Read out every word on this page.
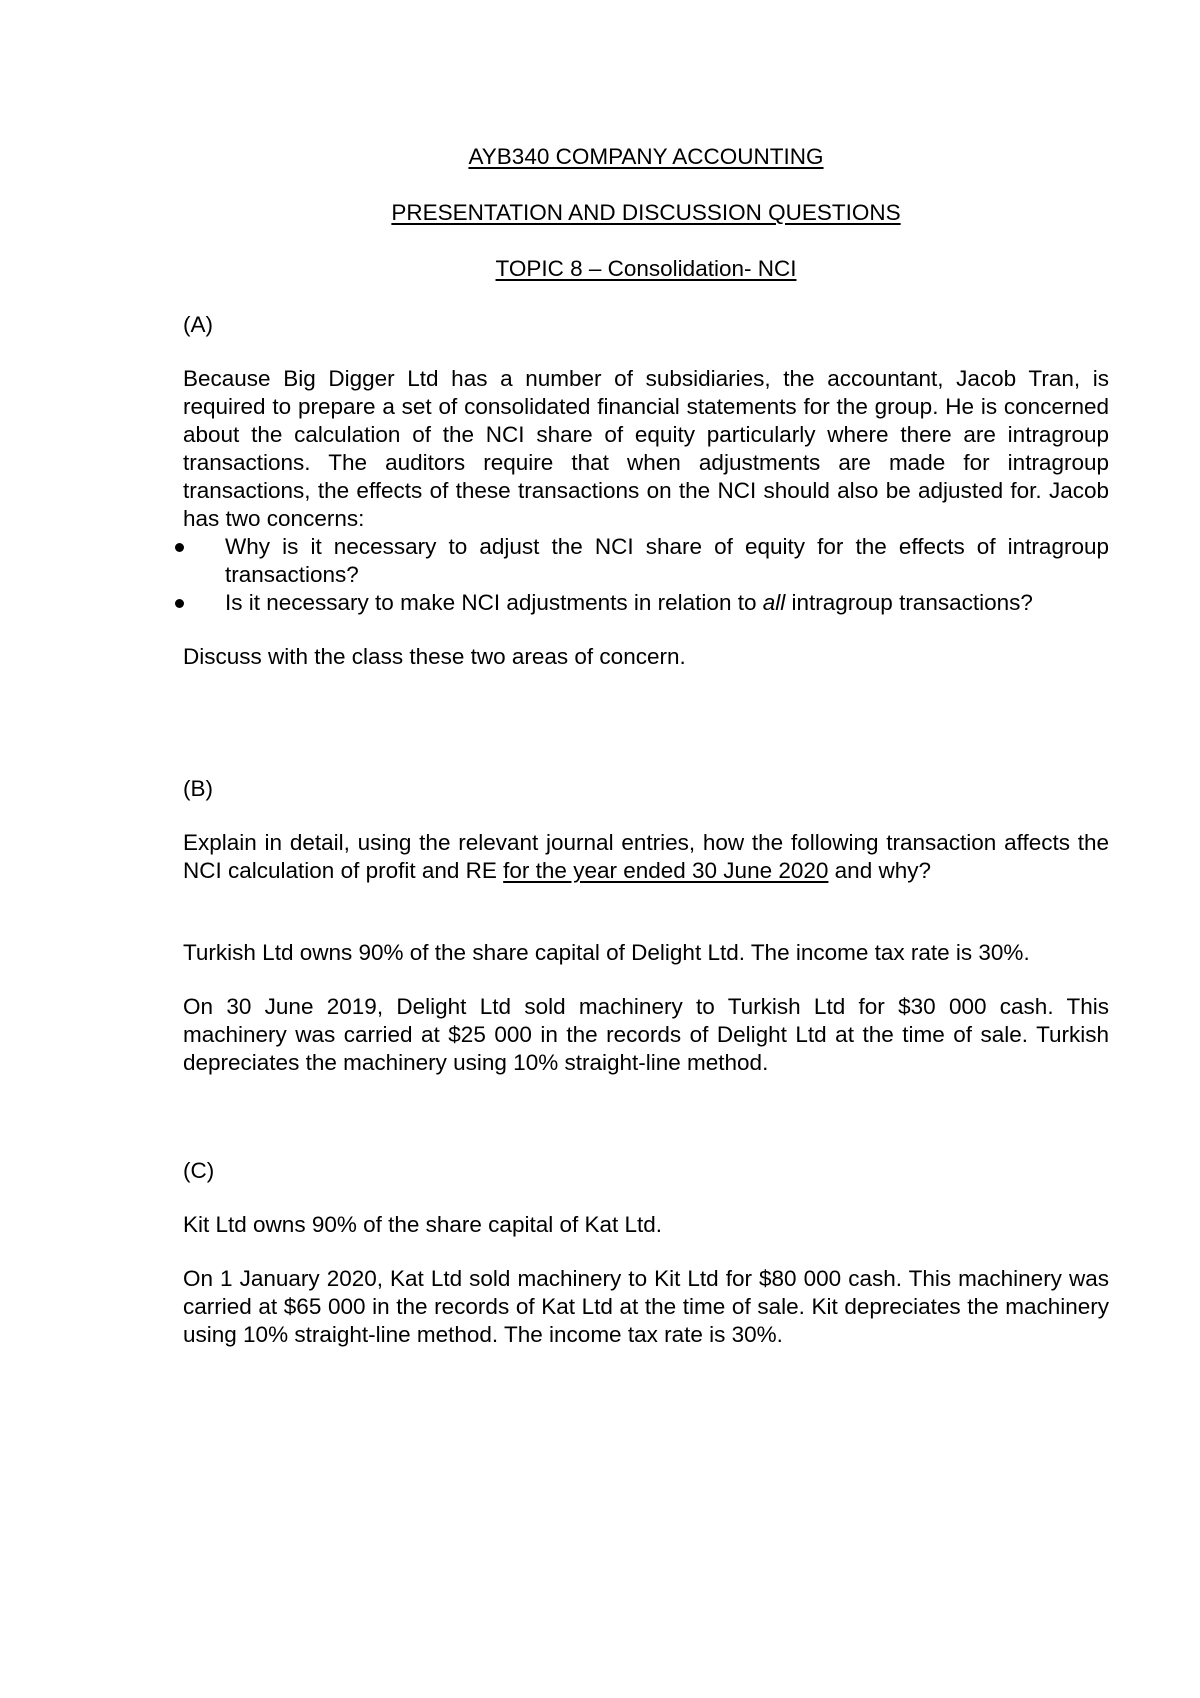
AYB340 COMPANY ACCOUNTING

PRESENTATION AND DISCUSSION QUESTIONS

TOPIC 8 – Consolidation- NCI

(A)

Because Big Digger Ltd has a number of subsidiaries, the accountant, Jacob Tran, is required to prepare a set of consolidated financial statements for the group. He is concerned about the calculation of the NCI share of equity particularly where there are intragroup transactions. The auditors require that when adjustments are made for intragroup transactions, the effects of these transactions on the NCI should also be adjusted for. Jacob has two concerns:

Why is it necessary to adjust the NCI share of equity for the effects of intragroup transactions?
Is it necessary to make NCI adjustments in relation to all intragroup transactions?

Discuss with the class these two areas of concern.

(B)

Explain in detail, using the relevant journal entries, how the following transaction affects the NCI calculation of profit and RE for the year ended 30 June 2020 and why?

Turkish Ltd owns 90% of the share capital of Delight Ltd. The income tax rate is 30%.

On 30 June 2019, Delight Ltd sold machinery to Turkish Ltd for $30 000 cash. This machinery was carried at $25 000 in the records of Delight Ltd at the time of sale. Turkish depreciates the machinery using 10% straight-line method.

(C)

Kit Ltd owns 90% of the share capital of Kat Ltd.

On 1 January 2020, Kat Ltd sold machinery to Kit Ltd for $80 000 cash. This machinery was carried at $65 000 in the records of Kat Ltd at the time of sale. Kit depreciates the machinery using 10% straight-line method. The income tax rate is 30%.
